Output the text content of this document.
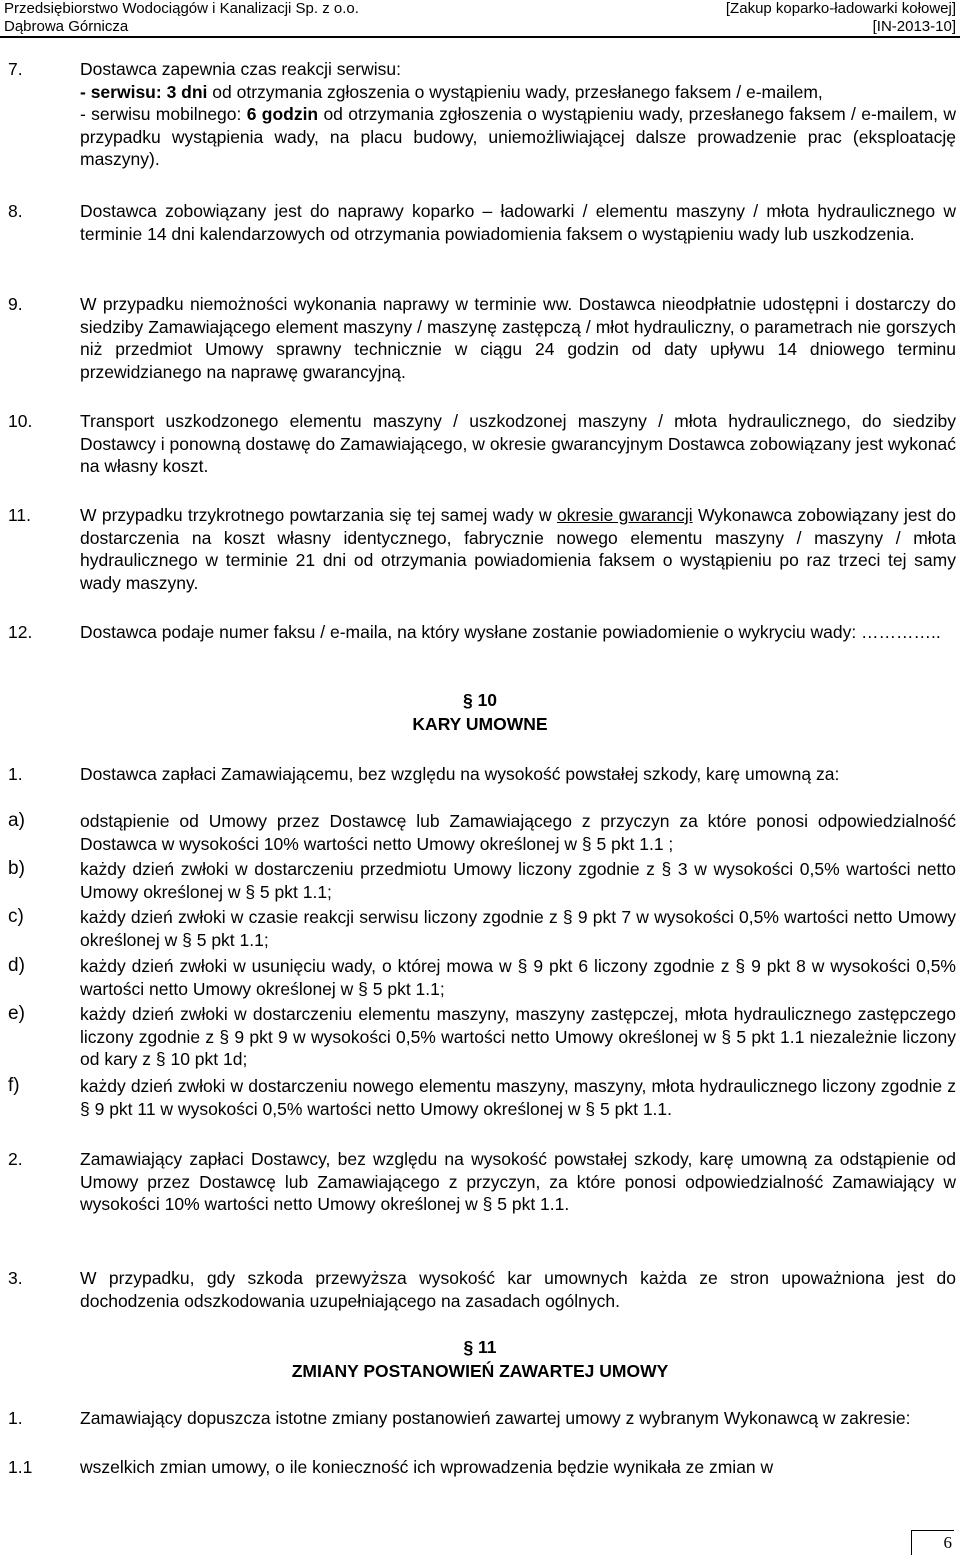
Przedsiębiorstwo Wodociągów i Kanalizacji Sp. z o.o.
Dąbrowa Górnicza
[Zakup koparko-ładowarki kołowej]
[IN-2013-10]
7.	Dostawca zapewnia czas reakcji serwisu:
- serwisu: 3 dni od otrzymania zgłoszenia o wystąpieniu wady, przesłanego faksem / e-mailem,
- serwisu mobilnego: 6 godzin od otrzymania zgłoszenia o wystąpieniu wady, przesłanego faksem / e-mailem, w przypadku wystąpienia wady, na placu budowy, uniemożliwiającej dalsze prowadzenie prac (eksploatację maszyny).
8.	Dostawca zobowiązany jest do naprawy koparko – ładowarki / elementu maszyny / młota hydraulicznego w terminie 14 dni kalendarzowych od otrzymania powiadomienia faksem o wystąpieniu wady lub uszkodzenia.
9.	W przypadku niemożności wykonania naprawy w terminie ww. Dostawca nieodpłatnie udostępni i dostarczy do siedziby Zamawiającego element maszyny / maszynę zastępczą / młot hydrauliczny, o parametrach nie gorszych niż przedmiot Umowy sprawny technicznie w ciągu 24 godzin od daty upływu 14 dniowego terminu przewidzianego na naprawę gwarancyjną.
10.	Transport uszkodzonego elementu maszyny / uszkodzonej maszyny / młota hydraulicznego, do siedziby Dostawcy i ponowną dostawę do Zamawiającego, w okresie gwarancyjnym Dostawca zobowiązany jest wykonać na własny koszt.
11.	W przypadku trzykrotnego powtarzania się tej samej wady w okresie gwarancji Wykonawca zobowiązany jest do dostarczenia na koszt własny identycznego, fabrycznie nowego elementu maszyny / maszyny / młota hydraulicznego w terminie 21 dni od otrzymania powiadomienia faksem o wystąpieniu po raz trzeci tej samy wady maszyny.
12.	Dostawca podaje numer faksu / e-maila, na który wysłane zostanie powiadomienie o wykryciu wady: …………..
§ 10
KARY UMOWNE
1.	Dostawca zapłaci Zamawiającemu, bez względu na wysokość powstałej szkody, karę umowną za:
a)	odstąpienie od Umowy przez Dostawcę lub Zamawiającego z przyczyn za które ponosi odpowiedzialność Dostawca w wysokości 10% wartości netto Umowy określonej w § 5 pkt 1.1 ;
b)	każdy dzień zwłoki w dostarczeniu przedmiotu Umowy liczony zgodnie z § 3 w wysokości 0,5% wartości netto Umowy określonej w § 5 pkt 1.1;
c)	każdy dzień zwłoki w czasie reakcji serwisu liczony zgodnie z § 9 pkt 7 w wysokości 0,5% wartości netto Umowy określonej w § 5 pkt 1.1;
d)	każdy dzień zwłoki w usunięciu wady, o której mowa w § 9 pkt 6 liczony zgodnie z § 9 pkt 8 w wysokości 0,5% wartości netto Umowy określonej w § 5 pkt 1.1;
e)	każdy dzień zwłoki w dostarczeniu elementu maszyny, maszyny zastępczej, młota hydraulicznego zastępczego liczony zgodnie z § 9 pkt 9 w wysokości 0,5% wartości netto Umowy określonej w § 5 pkt 1.1 niezależnie liczony od kary z § 10 pkt 1d;
f)	każdy dzień zwłoki w dostarczeniu nowego elementu maszyny, maszyny, młota hydraulicznego liczony zgodnie z § 9 pkt 11 w wysokości 0,5% wartości netto Umowy określonej w § 5 pkt 1.1.
2.	Zamawiający zapłaci Dostawcy, bez względu na wysokość powstałej szkody, karę umowną za odstąpienie od Umowy przez Dostawcę lub Zamawiającego z przyczyn, za które ponosi odpowiedzialność Zamawiający w wysokości 10% wartości netto Umowy określonej w § 5 pkt 1.1.
3.	W przypadku, gdy szkoda przewyższa wysokość kar umownych każda ze stron upoważniona jest do dochodzenia odszkodowania uzupełniającego na zasadach ogólnych.
§ 11
ZMIANY POSTANOWIEŃ ZAWARTEJ UMOWY
1.	Zamawiający dopuszcza istotne zmiany postanowień zawartej umowy z wybranym Wykonawcą w zakresie:
1.1	wszelkich zmian umowy, o ile konieczność ich wprowadzenia będzie wynikała ze zmian w
6
